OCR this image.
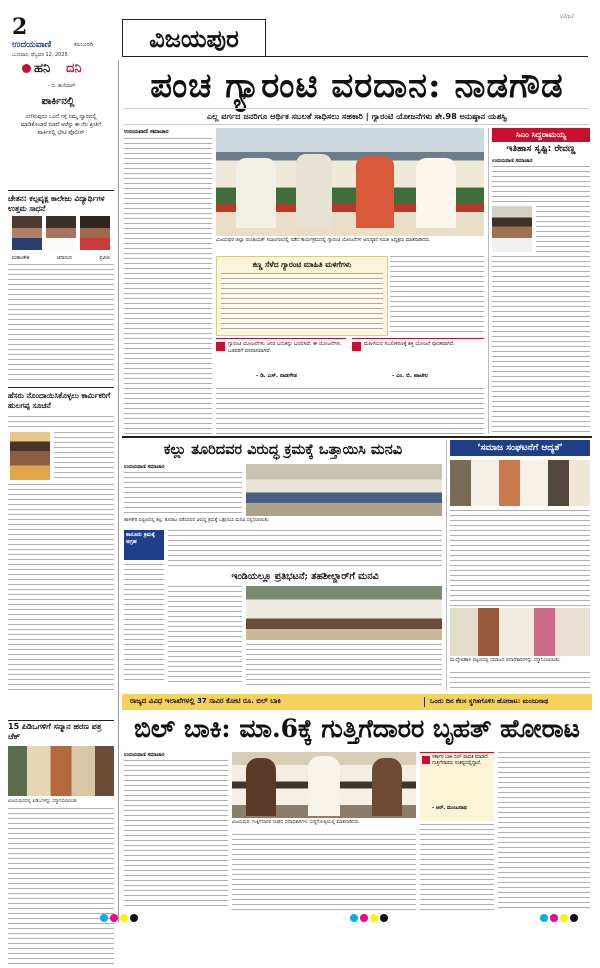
2
ಉದಯವಾಣಿ	ಕಲಬುರಗಿ
ಬುಧವಾರ, ಫೆಬ್ರವರಿ 12, 2025
ವಿಜಯಪುರ
v2/p2
ಹನಿ ದನಿ
- ಬಿ. ಹುಲಿವಾನ್
ಪಾರ್ಕಿನಲ್ಲಿ
ಎಣಿಸುವುದು ಒಂದೆ ಗಳ್ಳಿ ನಮ್ಮ ದ್ವಾರದಲ್ಲಿ ಮಾಡಿಕೊಂಡರೆ ಬಿಡದೆ ಆರೆಸ್ಟು ಈ ನೆಲ ಪ್ರೀತಿಗೆ ಪಾರ್ಕಿನಲ್ಲಿ ಭೇಟಿ ಪೊಲೀಸ್
ಚೇತನ: ಕಲ್ಪವೃಕ್ಷ ಕಾಲೇಜು ವಿದ್ಯಾರ್ಥಿಗಳ ಉತ್ತಮ ಸಾಧನೆ
ಮಹಾಂತೇಶ	ಚಿದಾನಂದ	ಪ್ರವೀಣ
ಹೆಸರು ನೊಂದಾಯಿಸಿಕೊಳ್ಳಲು ಕಾರ್ಮಿಕರಿಗೆ ಹುಲಗಪ್ಪ ಸೂಚನೆ
15 ಪಿಡಿಒಗಳಿಗೆ ಸನ್ಮಾನ ಹರಣ ಪತ್ರ ಚೆಕ್
ವಿಜಯಪುರದಲ್ಲಿ ಪಿಡಿಒಗಳನ್ನು ಸನ್ಮಾನಿಸಲಾಯಿತು
ಪಂಚ ಗ್ಯಾರಂಟಿ ವರದಾನ: ನಾಡಗೌಡ
ಎಲ್ಲ ವರ್ಗದ ಜನರಿಗೂ ಆರ್ಥಿಕ ಸಬಲತೆ ಸಾಧಿಸಲು ಸಹಕಾರಿ | ಗ್ಯಾರಂಟಿ ಯೋಜನೆಗಳು ಶೇ.98 ಅನುಷ್ಠಾನ ಯಶಸ್ವಿ
ಉದಯವಾಣಿ ಸಮಾಚಾರ
ವಿಜಯಪುರ ಜಿಲ್ಲಾ ಪಂಚಾಯತ್ ಸಭಾಂಗಣದಲ್ಲಿ ನಡೆದ ಕಾರ್ಯಕ್ರಮದಲ್ಲಿ ಗ್ಯಾರಂಟಿ ಯೋಜನೆಗಳ ಅನುಷ್ಠಾನ ಸಮಿತಿ ಅಧ್ಯಕ್ಷರು ಮಾತನಾಡಿದರು.
ಕಣ್ಣ ಸೆಳೆದ ಗ್ಯಾರಂಟಿ ಮಾಹಿತಿ ಮಳಿಗೆಗಳು
ಗ್ಯಾರಂಟಿ ಯೋಜನೆಗಳು ಜನರ ಬದುಕನ್ನು ಬದಲಿಸಿವೆ. ಈ ಯೋಜನೆಗಳು ಬಡವರಿಗೆ ವರದಾನವಾಗಿವೆ.
- ಡಿ. ಎಸ್. ನಾಡಗೌಡ
ಮಹಿಳೆಯರ ಸಬಲೀಕರಣಕ್ಕೆ ಶಕ್ತಿ ಯೋಜನೆ ಪೂರಕವಾಗಿದೆ.
- ಎಂ. ಬಿ. ಪಾಟೀಲ
ಸಿಎಂ ಸಿದ್ದರಾಮಯ್ಯ
ಇತಿಹಾಸ ಸೃಷ್ಟಿ: ರೇವಣ್ಣ
ಉದಯವಾಣಿ ಸಮಾಚಾರ
ಕಲ್ಲು ತೂರಿದವರ ವಿರುದ್ಧ ಕ್ರಮಕ್ಕೆ ಒತ್ತಾಯಿಸಿ ಮನವಿ
ಉದಯವಾಣಿ ಸಮಾಚಾರ
ಹಾಳಕೇರಿ ಪಟ್ಟಣದಲ್ಲಿ ಕಲ್ಲು ತೂರಾಟ ನಡೆಸಿದವರ ವಿರುದ್ಧ ಕ್ರಮಕ್ಕೆ ಒತ್ತಾಯಿಸಿ ಮನವಿ ಸಲ್ಲಿಸಲಾಯಿತು.
ಕಾನೂನು ಕ್ರಮಕ್ಕೆ ಆಗ್ರಹ
ಇಂಡಿಯಲ್ಲೂ ಪ್ರತಿಭಟನೆ; ತಹಶೀಲ್ದಾರ್‌ಗೆ ಮನವಿ
‘ಸಮಾಜ ಸಂಘಟನೆಗೆ ಆದ್ಯತೆ’
ಮುದ್ದೇಬಿಹಾಳ ಪಟ್ಟಣದಲ್ಲಿ ಸಮಾಜದ ಪದಾಧಿಕಾರಿಗಳನ್ನು ಸನ್ಮಾನಿಸಲಾಯಿತು.
ರಾಜ್ಯದ ವಿವಿಧ ಇಲಾಖೆಗಳಲ್ಲಿ 37 ಸಾವಿರ ಕೋಟಿ ರೂ. ಬಿಲ್ ಬಾಕಿ	ಒಂದು ದಿನ ಕೆಲಸ ಸ್ಥಗಿತಗೊಳಿಸಿ ಹೋರಾಟ: ಮಂಜುನಾಥ
ಬಿಲ್ ಬಾಕಿ: ಮಾ.6ಕ್ಕೆ ಗುತ್ತಿಗೆದಾರರ ಬೃಹತ್ ಹೋರಾಟ
ಉದಯವಾಣಿ ಸಮಾಚಾರ
ವಿಜಯಪುರ: ಗುತ್ತಿಗೆದಾರರ ಸಂಘದ ಪದಾಧಿಕಾರಿಗಳು ಸುದ್ದಿಗೋಷ್ಠಿಯಲ್ಲಿ ಮಾತನಾಡಿದರು.
ಸರ್ಕಾರ ಬಾಕಿ ಬಿಲ್ ಪಾವತಿ ಮಾಡದೆ ಗುತ್ತಿಗೆದಾರರು ಸಂಕಷ್ಟದಲ್ಲಿದ್ದಾರೆ.
- ಆರ್. ಮಂಜುನಾಥ
